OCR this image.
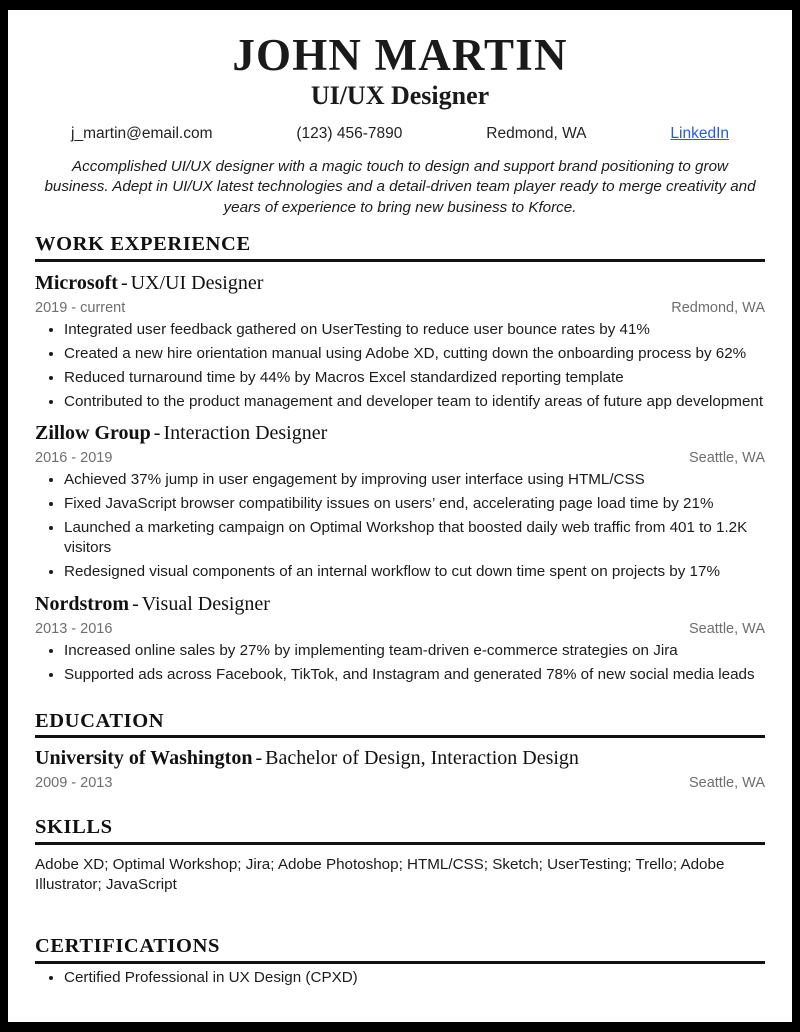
JOHN MARTIN
UI/UX Designer
j_martin@email.com	(123) 456-7890	Redmond, WA	LinkedIn

Accomplished UI/UX designer with a magic touch to design and support brand positioning to grow business. Adept in UI/UX latest technologies and a detail-driven team player ready to merge creativity and years of experience to bring new business to Kforce.

WORK EXPERIENCE
Microsoft - UX/UI Designer
2019 - current	Redmond, WA
Integrated user feedback gathered on UserTesting to reduce user bounce rates by 41%
Created a new hire orientation manual using Adobe XD, cutting down the onboarding process by 62%
Reduced turnaround time by 44% by Macros Excel standardized reporting template
Contributed to the product management and developer team to identify areas of future app development
Zillow Group - Interaction Designer
2016 - 2019	Seattle, WA
Achieved 37% jump in user engagement by improving user interface using HTML/CSS
Fixed JavaScript browser compatibility issues on users’ end, accelerating page load time by 21%
Launched a marketing campaign on Optimal Workshop that boosted daily web traffic from 401 to 1.2K visitors
Redesigned visual components of an internal workflow to cut down time spent on projects by 17%
Nordstrom - Visual Designer
2013 - 2016	Seattle, WA
Increased online sales by 27% by implementing team-driven e-commerce strategies on Jira
Supported ads across Facebook, TikTok, and Instagram and generated 78% of new social media leads
EDUCATION
University of Washington - Bachelor of Design, Interaction Design
2009 - 2013	Seattle, WA
SKILLS

Adobe XD; Optimal Workshop; Jira; Adobe Photoshop; HTML/CSS; Sketch; UserTesting; Trello; Adobe Illustrator; JavaScript

CERTIFICATIONS
Certified Professional in UX Design (CPXD)
